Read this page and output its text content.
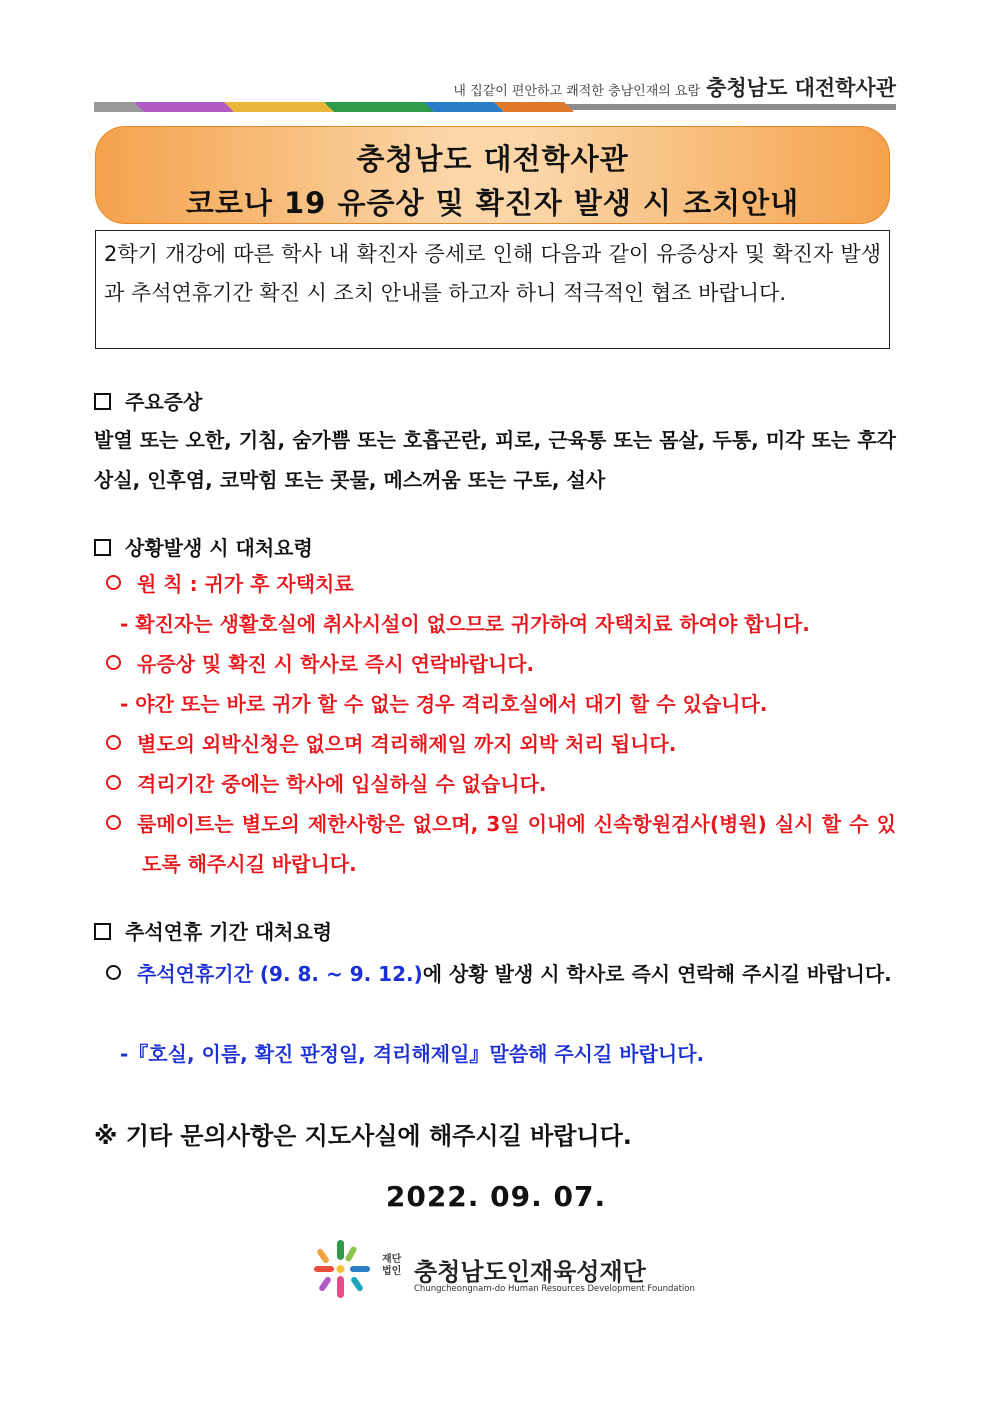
내 집같이 편안하고 쾌적한 충남인재의 요람 충청남도 대전학사관
충청남도 대전학사관
코로나 19 유증상 및 확진자 발생 시 조치안내
2학기 개강에 따른 학사 내 확진자 증세로 인해 다음과 같이 유증상자 및 확진자 발생과 추석연휴기간 확진 시 조치 안내를 하고자 하니 적극적인 협조 바랍니다.
주요증상
발열 또는 오한, 기침, 숨가쁨 또는 호흡곤란, 피로, 근육통 또는 몸살, 두통, 미각 또는 후각 상실, 인후염, 코막힘 또는 콧물, 메스꺼움 또는 구토, 설사
상황발생 시 대처요령
원 칙 : 귀가 후 자택치료
- 확진자는 생활호실에 취사시설이 없으므로 귀가하여 자택치료 하여야 합니다.
유증상 및 확진 시 학사로 즉시 연락바랍니다.
- 야간 또는 바로 귀가 할 수 없는 경우 격리호실에서 대기 할 수 있습니다.
별도의 외박신청은 없으며 격리해제일 까지 외박 처리 됩니다.
격리기간 중에는 학사에 입실하실 수 없습니다.
룸메이트는 별도의 제한사항은 없으며, 3일 이내에 신속항원검사(병원) 실시 할 수 있도록 해주시길 바랍니다.
추석연휴 기간 대처요령
추석연휴기간 (9. 8. ~ 9. 12.)에 상황 발생 시 학사로 즉시 연락해 주시길 바랍니다.
-『호실, 이름, 확진 판정일, 격리해제일』말씀해 주시길 바랍니다.
※ 기타 문의사항은 지도사실에 해주시길 바랍니다.
2022. 09. 07.
재단
법인 충청남도인재육성재단
Chungcheongnam-do Human Resources Development Foundation
